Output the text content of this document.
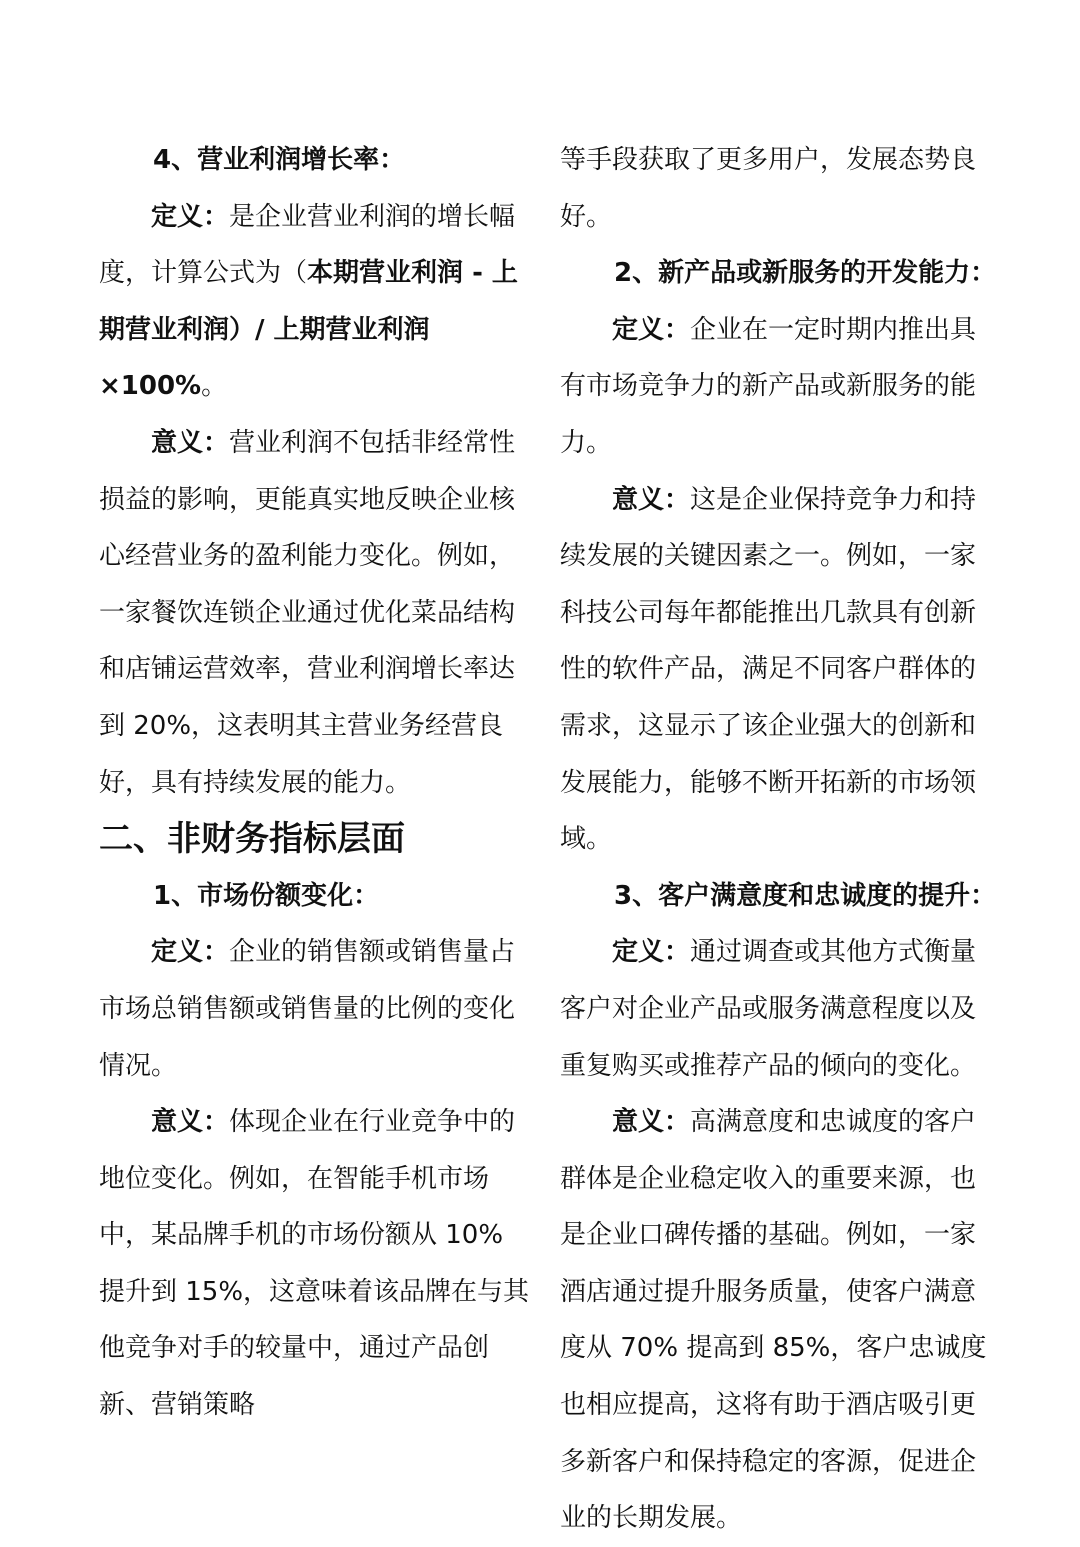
4、营业利润增长率：

定义：是企业营业利润的增长幅度，计算公式为（本期营业利润 - 上期营业利润）/ 上期营业利润 ×100%。

意义：营业利润不包括非经常性损益的影响，更能真实地反映企业核心经营业务的盈利能力变化。例如，一家餐饮连锁企业通过优化菜品结构和店铺运营效率，营业利润增长率达到 20%，这表明其主营业务经营良好，具有持续发展的能力。

二、非财务指标层面

1、市场份额变化：

定义：企业的销售额或销售量占市场总销售额或销售量的比例的变化情况。

意义：体现企业在行业竞争中的地位变化。例如，在智能手机市场中，某品牌手机的市场份额从 10% 提升到 15%，这意味着该品牌在与其他竞争对手的较量中，通过产品创新、营销策略

等手段获取了更多用户，发展态势良好。

2、新产品或新服务的开发能力：

定义：企业在一定时期内推出具有市场竞争力的新产品或新服务的能力。

意义：这是企业保持竞争力和持续发展的关键因素之一。例如，一家科技公司每年都能推出几款具有创新性的软件产品，满足不同客户群体的需求，这显示了该企业强大的创新和发展能力，能够不断开拓新的市场领域。

3、客户满意度和忠诚度的提升：

定义：通过调查或其他方式衡量客户对企业产品或服务满意程度以及重复购买或推荐产品的倾向的变化。

意义：高满意度和忠诚度的客户群体是企业稳定收入的重要来源，也是企业口碑传播的基础。例如，一家酒店通过提升服务质量，使客户满意度从 70% 提高到 85%，客户忠诚度也相应提高，这将有助于酒店吸引更多新客户和保持稳定的客源，促进企业的长期发展。
